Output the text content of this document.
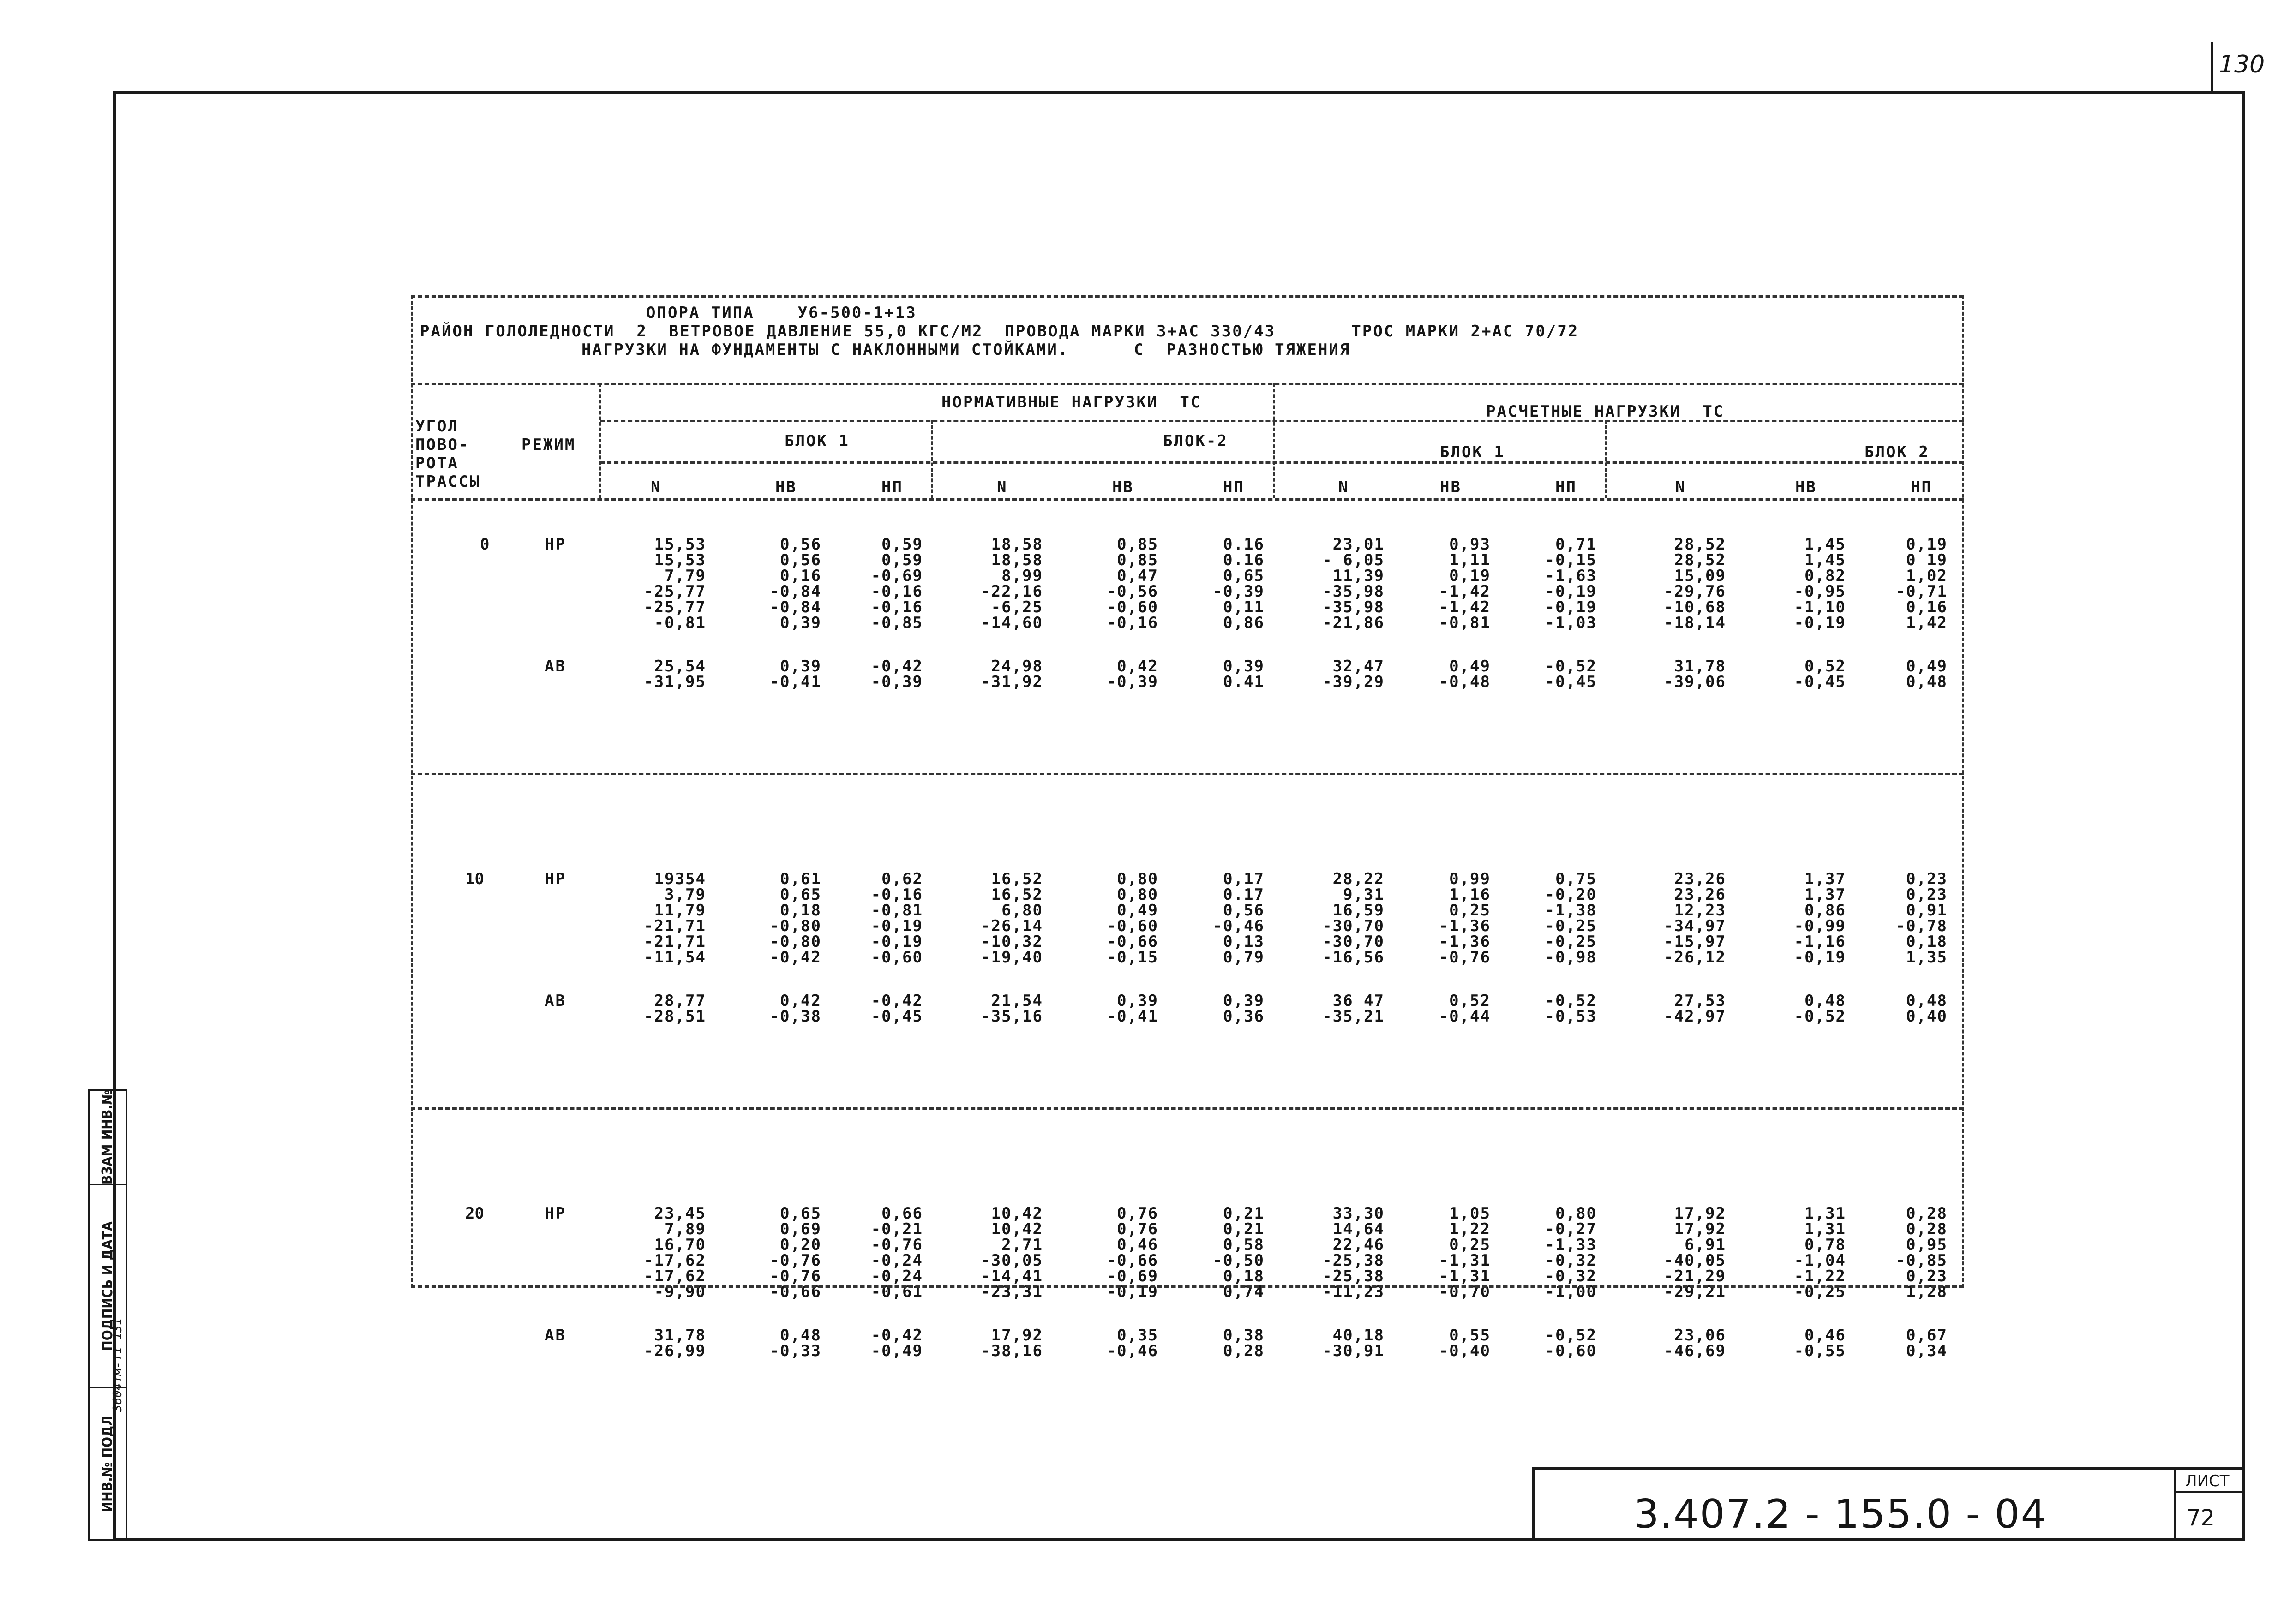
130
ВЗАМ ИНВ.№
ПОДПИСЬ И ДАТА
ИНВ.№ ПОДЛ
3604тм-т1 131
3.407.2 - 155.0 - 04
ЛИСТ
72
ОПОРА ТИПА    У6-500-1+13
РАЙОН ГОЛОЛЕДНОСТИ  2  ВЕТРОВОЕ ДАВЛЕНИЕ 55,0 КГС/М2  ПРОВОДА МАРКИ 3+АС 330/43       ТРОС МАРКИ 2+АС 70/72
НАГРУЗКИ НА ФУНДАМЕНТЫ С НАКЛОННЫМИ СТОЙКАМИ.      С  РАЗНОСТЬЮ ТЯЖЕНИЯ
УГОЛ
ПОВО-
РОТА
ТРАССЫ
РЕЖИМ
НОРМАТИВНЫЕ НАГРУЗКИ  ТС	РАСЧЕТНЫЕ НАГРУЗКИ  ТС
БЛОК 1	БЛОК-2
БЛОК 1	БЛОК 2
N	НВ	НП	N	НВ	НП	N	НВ	НП	N	НВ	НП
0	НР	15,53	0,56	0,59	18,58	0,85	0.16	23,01	0,93	0,71	28,52	1,45	0,19
15,53	0,56	0,59	18,58	0,85	0.16	- 6,05	1,11	-0,15	28,52	1,45	0 19
7,79	0,16	-0,69	8,99	0,47	0,65	11,39	0,19	-1,63	15,09	0,82	1,02
-25,77	-0,84	-0,16	-22,16	-0,56	-0,39	-35,98	-1,42	-0,19	-29,76	-0,95	-0,71
-25,77	-0,84	-0,16	-6,25	-0,60	0,11	-35,98	-1,42	-0,19	-10,68	-1,10	0,16
-0,81	0,39	-0,85	-14,60	-0,16	0,86	-21,86	-0,81	-1,03	-18,14	-0,19	1,42
АВ	25,54	0,39	-0,42	24,98	0,42	0,39	32,47	0,49	-0,52	31,78	0,52	0,49
-31,95	-0,41	-0,39	-31,92	-0,39	0.41	-39,29	-0,48	-0,45	-39,06	-0,45	0,48
10	НР	19354	0,61	0,62	16,52	0,80	0,17	28,22	0,99	0,75	23,26	1,37	0,23
3,79	0,65	-0,16	16,52	0,80	0.17	9,31	1,16	-0,20	23,26	1,37	0,23
11,79	0,18	-0,81	6,80	0,49	0,56	16,59	0,25	-1,38	12,23	0,86	0,91
-21,71	-0,80	-0,19	-26,14	-0,60	-0,46	-30,70	-1,36	-0,25	-34,97	-0,99	-0,78
-21,71	-0,80	-0,19	-10,32	-0,66	0,13	-30,70	-1,36	-0,25	-15,97	-1,16	0,18
-11,54	-0,42	-0,60	-19,40	-0,15	0,79	-16,56	-0,76	-0,98	-26,12	-0,19	1,35
АВ	28,77	0,42	-0,42	21,54	0,39	0,39	36 47	0,52	-0,52	27,53	0,48	0,48
-28,51	-0,38	-0,45	-35,16	-0,41	0,36	-35,21	-0,44	-0,53	-42,97	-0,52	0,40
20	НР	23,45	0,65	0,66	10,42	0,76	0,21	33,30	1,05	0,80	17,92	1,31	0,28
7,89	0,69	-0,21	10,42	0,76	0,21	14,64	1,22	-0,27	17,92	1,31	0,28
16,70	0,20	-0,76	2,71	0,46	0,58	22,46	0,25	-1,33	6,91	0,78	0,95
-17,62	-0,76	-0,24	-30,05	-0,66	-0,50	-25,38	-1,31	-0,32	-40,05	-1,04	-0,85
-17,62	-0,76	-0,24	-14,41	-0,69	0,18	-25,38	-1,31	-0,32	-21,29	-1,22	0,23
-9,90	-0,66	-0,61	-23,31	-0,19	0,74	-11,23	-0,70	-1,00	-29,21	-0,25	1,28
АВ	31,78	0,48	-0,42	17,92	0,35	0,38	40,18	0,55	-0,52	23,06	0,46	0,67
-26,99	-0,33	-0,49	-38,16	-0,46	0,28	-30,91	-0,40	-0,60	-46,69	-0,55	0,34
